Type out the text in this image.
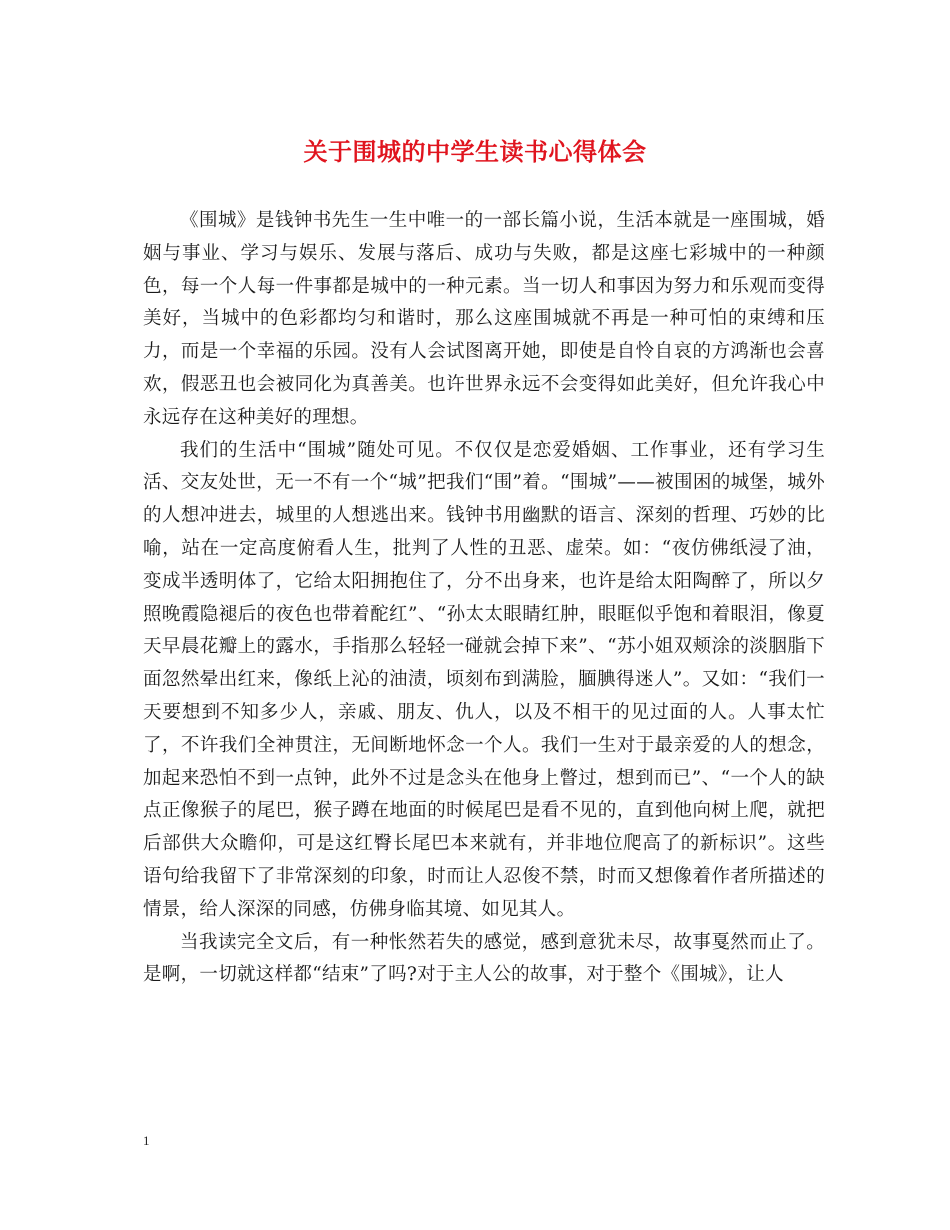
关于围城的中学生读书心得体会

《围城》是钱钟书先生一生中唯一的一部长篇小说，生活本就是一座围城，婚姻与事业、学习与娱乐、发展与落后、成功与失败，都是这座七彩城中的一种颜色，每一个人每一件事都是城中的一种元素。当一切人和事因为努力和乐观而变得美好，当城中的色彩都均匀和谐时，那么这座围城就不再是一种可怕的束缚和压力，而是一个幸福的乐园。没有人会试图离开她，即使是自怜自哀的方鸿渐也会喜欢，假恶丑也会被同化为真善美。也许世界永远不会变得如此美好，但允许我心中永远存在这种美好的理想。

我们的生活中“围城”随处可见。不仅仅是恋爱婚姻、工作事业，还有学习生活、交友处世，无一不有一个“城”把我们“围”着。“围城”——被围困的城堡，城外的人想冲进去，城里的人想逃出来。钱钟书用幽默的语言、深刻的哲理、巧妙的比喻，站在一定高度俯看人生，批判了人性的丑恶、虚荣。如：“夜仿佛纸浸了油，变成半透明体了，它给太阳拥抱住了，分不出身来，也许是给太阳陶醉了，所以夕照晚霞隐褪后的夜色也带着酡红”、“孙太太眼睛红肿，眼眶似乎饱和着眼泪，像夏天早晨花瓣上的露水，手指那么轻轻一碰就会掉下来”、“苏小姐双颊涂的淡胭脂下面忽然晕出红来，像纸上沁的油渍，顷刻布到满脸，腼腆得迷人”。又如：“我们一天要想到不知多少人，亲戚、朋友、仇人，以及不相干的见过面的人。人事太忙了，不许我们全神贯注，无间断地怀念一个人。我们一生对于最亲爱的人的想念，加起来恐怕不到一点钟，此外不过是念头在他身上瞥过，想到而已”、“一个人的缺点正像猴子的尾巴，猴子蹲在地面的时候尾巴是看不见的，直到他向树上爬，就把后部供大众瞻仰，可是这红臀长尾巴本来就有，并非地位爬高了的新标识”。这些语句给我留下了非常深刻的印象，时而让人忍俊不禁，时而又想像着作者所描述的情景，给人深深的同感，仿佛身临其境、如见其人。

当我读完全文后，有一种怅然若失的感觉，感到意犹未尽，故事戛然而止了。是啊，一切就这样都“结束”了吗?对于主人公的故事，对于整个《围城》，让人

1
